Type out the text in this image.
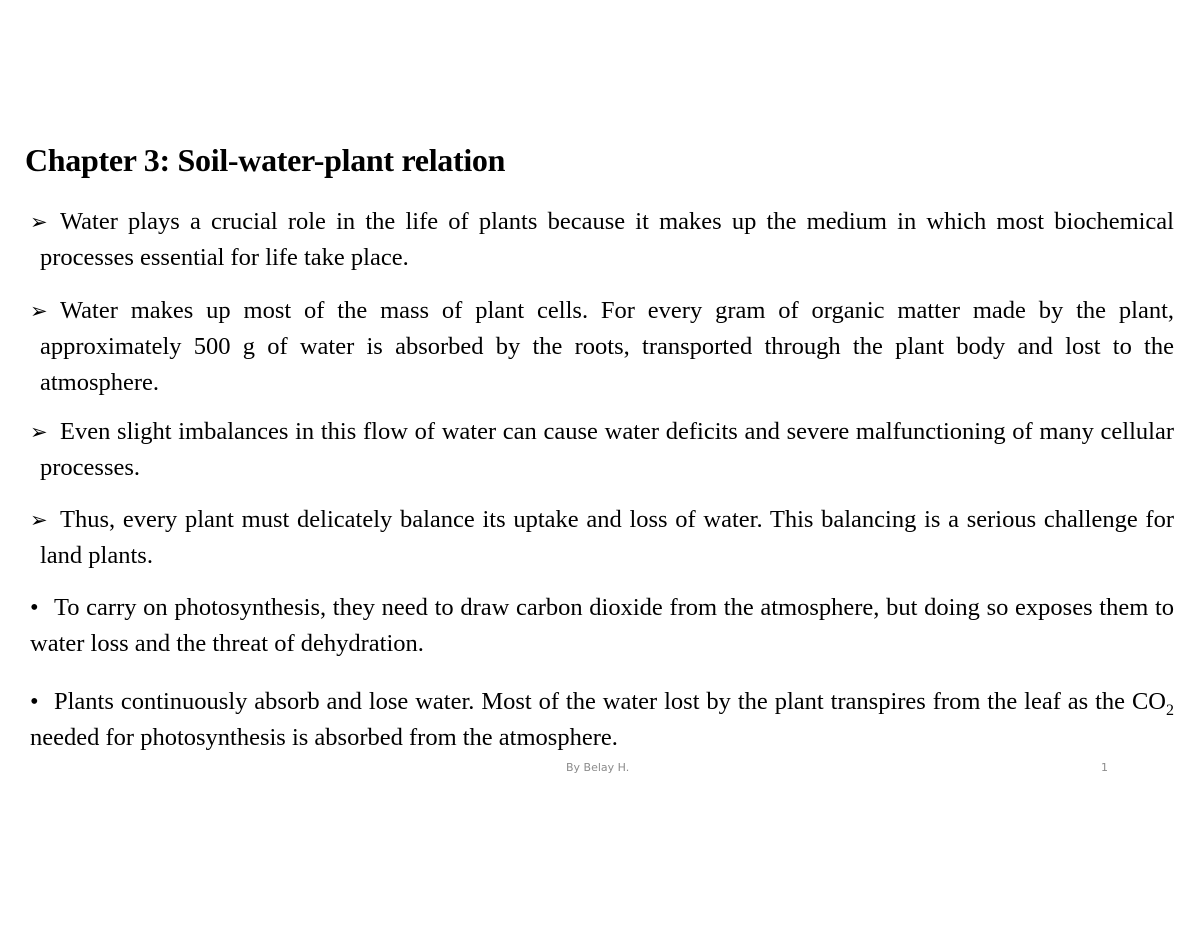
Chapter 3: Soil-water-plant relation
➢ Water plays a crucial role in the life of plants because it makes up the medium in which most biochemical processes essential for life take place.
➢ Water makes up most of the mass of plant cells. For every gram of organic matter made by the plant, approximately 500 g of water is absorbed by the roots, transported through the plant body and lost to the atmosphere.
➢ Even slight imbalances in this flow of water can cause water deficits and severe malfunctioning of many cellular processes.
➢ Thus, every plant must delicately balance its uptake and loss of water. This balancing is a serious challenge for land plants.
• To carry on photosynthesis, they need to draw carbon dioxide from the atmosphere, but doing so exposes them to water loss and the threat of dehydration.
• Plants continuously absorb and lose water. Most of the water lost by the plant transpires from the leaf as the $CO_2$ needed for photosynthesis is absorbed from the atmosphere.
By Belay H.	1
